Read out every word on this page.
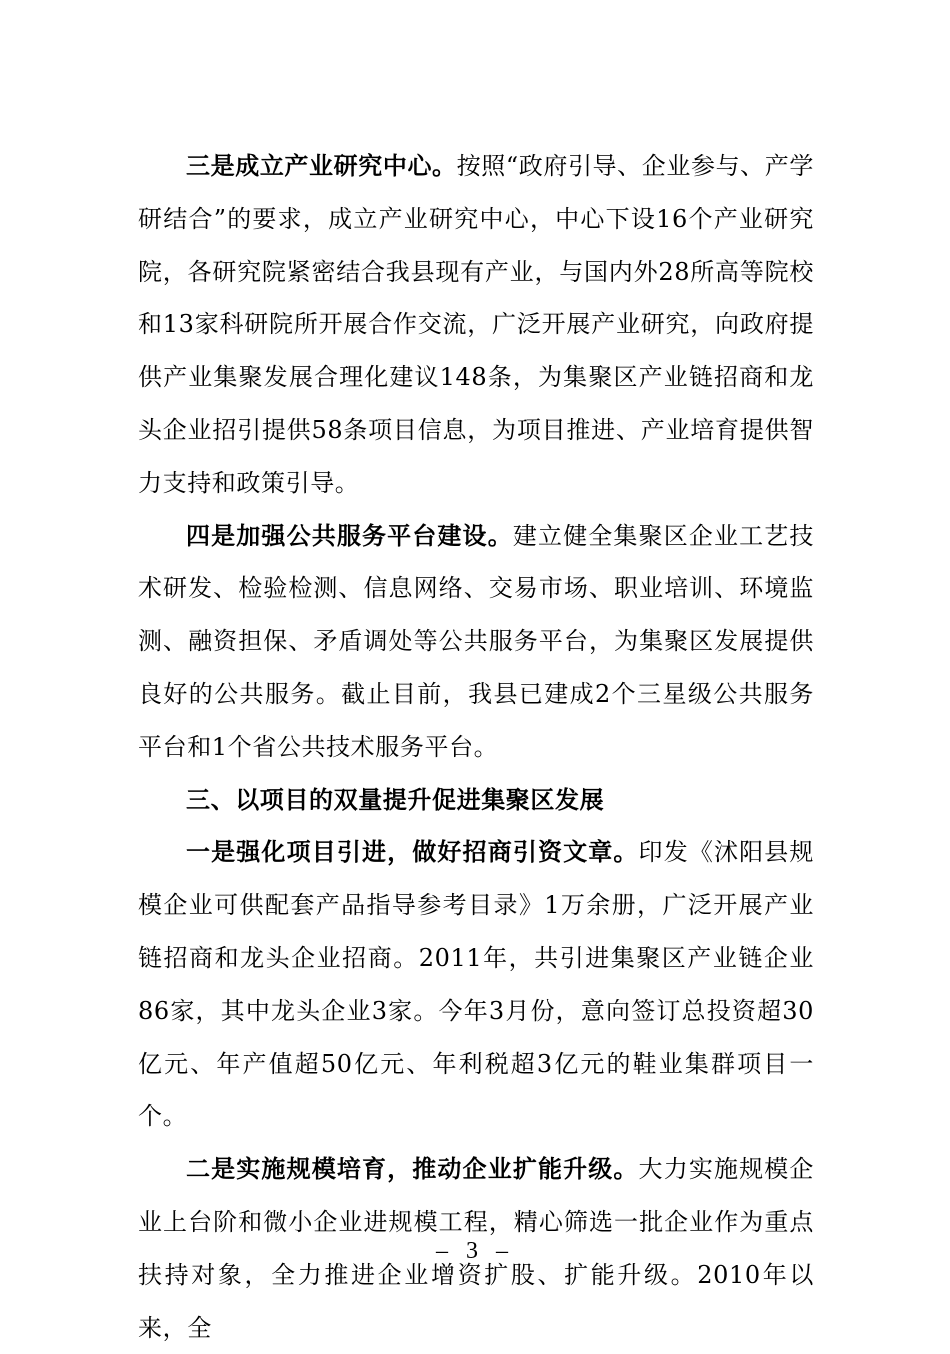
三是成立产业研究中心。按照“政府引导、企业参与、产学研结合”的要求，成立产业研究中心，中心下设16个产业研究院，各研究院紧密结合我县现有产业，与国内外28所高等院校和13家科研院所开展合作交流，广泛开展产业研究，向政府提供产业集聚发展合理化建议148条，为集聚区产业链招商和龙头企业招引提供58条项目信息，为项目推进、产业培育提供智力支持和政策引导。

四是加强公共服务平台建设。建立健全集聚区企业工艺技术研发、检验检测、信息网络、交易市场、职业培训、环境监测、融资担保、矛盾调处等公共服务平台，为集聚区发展提供良好的公共服务。截止目前，我县已建成2个三星级公共服务平台和1个省公共技术服务平台。

三、以项目的双量提升促进集聚区发展

一是强化项目引进，做好招商引资文章。印发《沭阳县规模企业可供配套产品指导参考目录》1万余册，广泛开展产业链招商和龙头企业招商。2011年，共引进集聚区产业链企业86家，其中龙头企业3家。今年3月份，意向签订总投资超30亿元、年产值超50亿元、年利税超3亿元的鞋业集群项目一个。

二是实施规模培育，推动企业扩能升级。大力实施规模企业上台阶和微小企业进规模工程，精心筛选一批企业作为重点扶持对象，全力推进企业增资扩股、扩能升级。2010年以来，全

– 3 –
